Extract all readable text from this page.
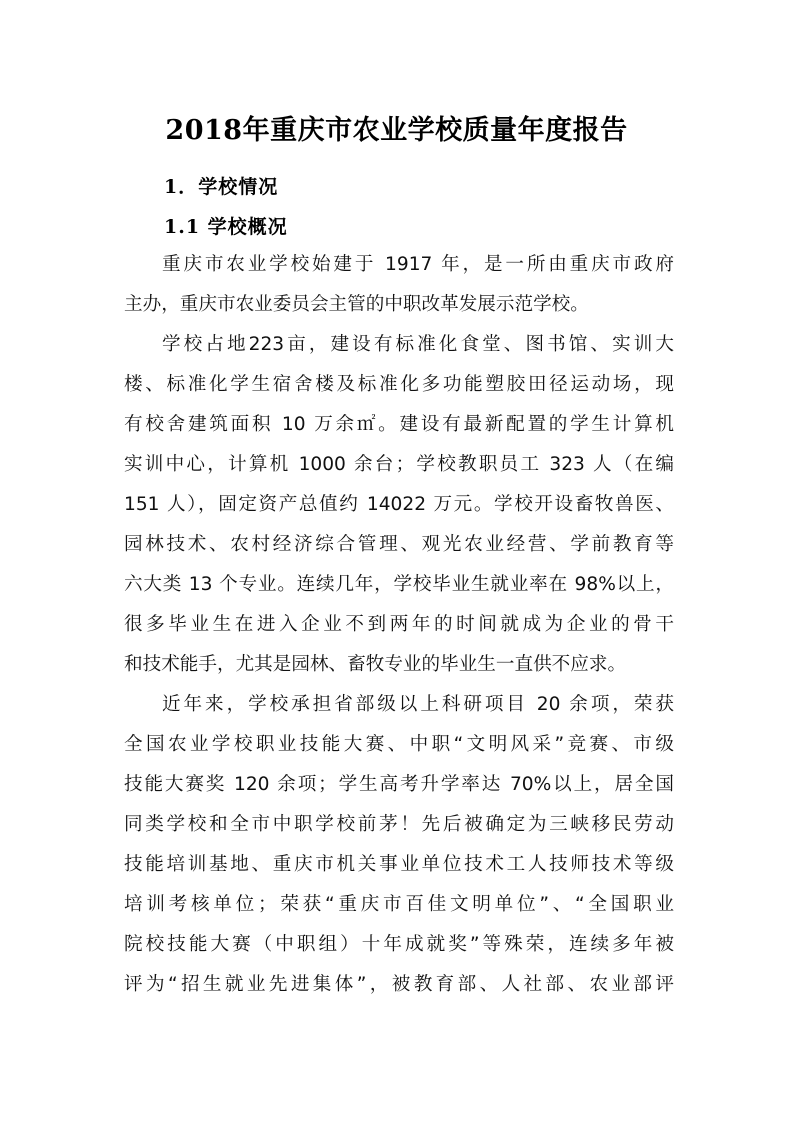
2018年重庆市农业学校质量年度报告
1．学校情况
1.1 学校概况
重庆市农业学校始建于 1917 年，是一所由重庆市政府
主办，重庆市农业委员会主管的中职改革发展示范学校。
学校占地223亩，建设有标准化食堂、图书馆、实训大
楼、标准化学生宿舍楼及标准化多功能塑胶田径运动场，现
有校舍建筑面积 10 万余㎡。建设有最新配置的学生计算机
实训中心，计算机 1000 余台；学校教职员工 323 人（在编
151 人），固定资产总值约 14022 万元。学校开设畜牧兽医、
园林技术、农村经济综合管理、观光农业经营、学前教育等
六大类 13 个专业。连续几年，学校毕业生就业率在 98%以上，
很多毕业生在进入企业不到两年的时间就成为企业的骨干
和技术能手，尤其是园林、畜牧专业的毕业生一直供不应求。
近年来，学校承担省部级以上科研项目 20 余项，荣获
全国农业学校职业技能大赛、中职“文明风采”竞赛、市级
技能大赛奖 120 余项；学生高考升学率达 70%以上，居全国
同类学校和全市中职学校前茅！先后被确定为三峡移民劳动
技能培训基地、重庆市机关事业单位技术工人技师技术等级
培训考核单位；荣获“重庆市百佳文明单位”、“全国职业
院校技能大赛（中职组）十年成就奖”等殊荣，连续多年被
评为“招生就业先进集体”，被教育部、人社部、农业部评
